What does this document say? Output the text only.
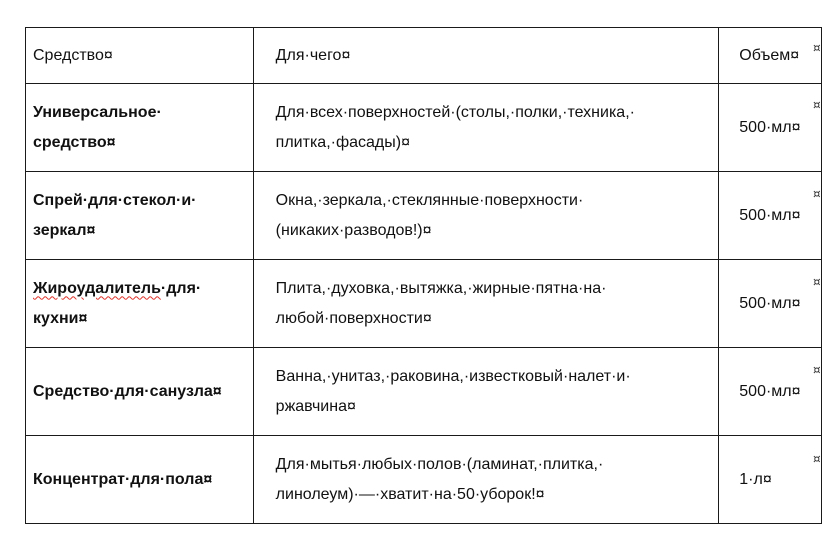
Средство¤	Для·чего¤	Объем¤
Универсальное·
средство¤	Для·всех·поверхностей·(столы,·полки,·техника,·
плитка,·фасады)¤	500·мл¤
Спрей·для·стекол·и·
зеркал¤	Окна,·зеркала,·стеклянные·поверхности·
(никаких·разводов!)¤	500·мл¤
Жироудалитель·для·
кухни¤	Плита,·духовка,·вытяжка,·жирные·пятна·на·
любой·поверхности¤	500·мл¤
Средство·для·санузла¤	Ванна,·унитаз,·раковина,·известковый·налет·и·
ржавчина¤	500·мл¤
Концентрат·для·пола¤	Для·мытья·любых·полов·(ламинат,·плитка,·
линолеум)·—·хватит·на·50·уборок!¤	1·л¤
¤
¤
¤
¤
¤
¤
